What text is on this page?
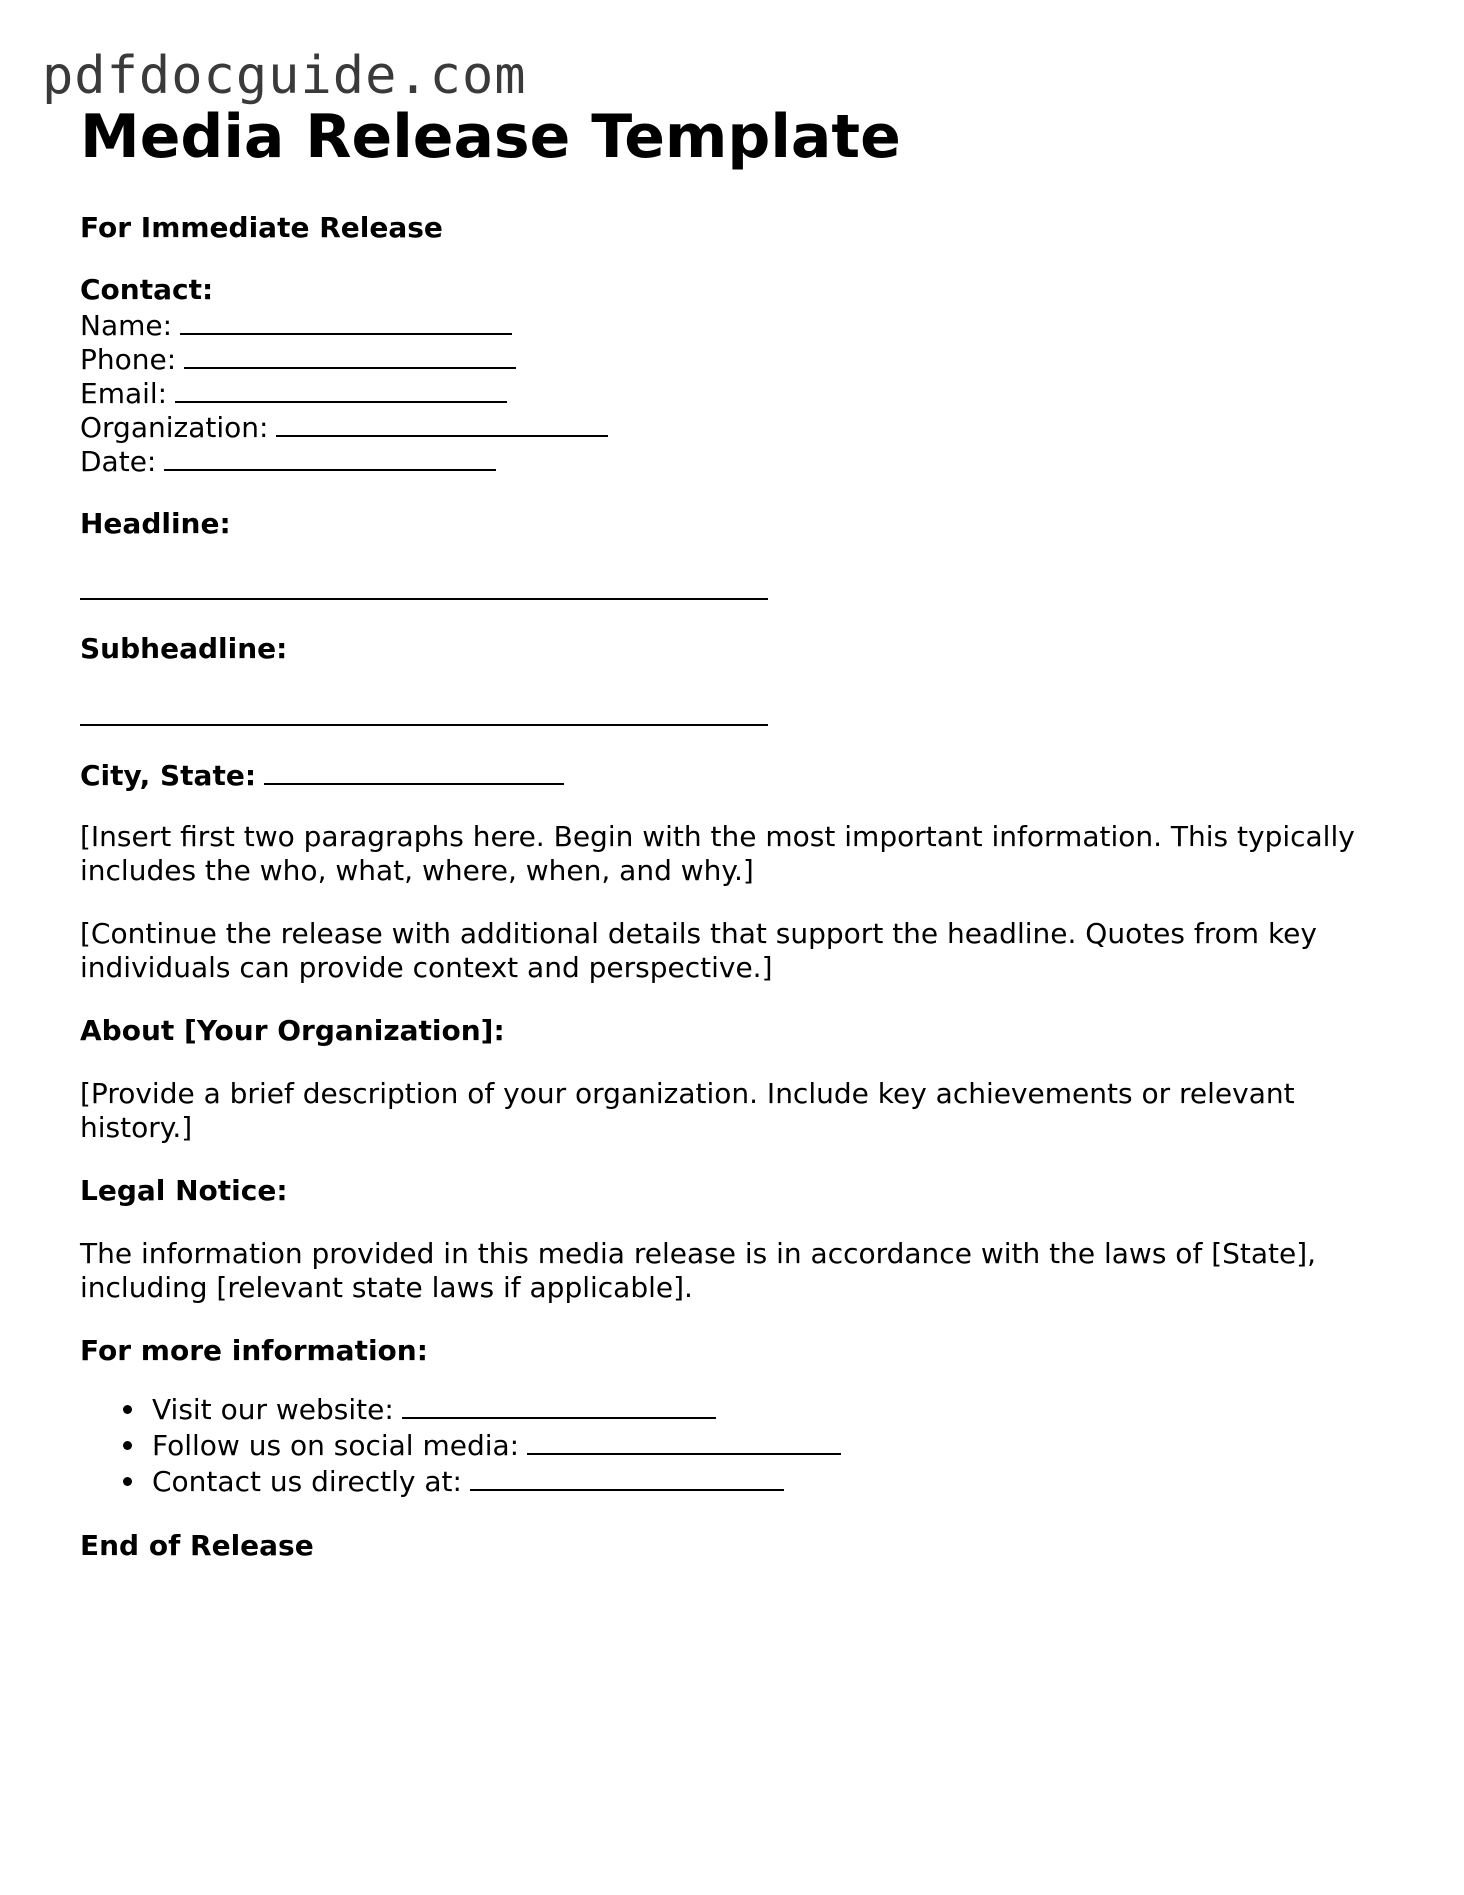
pdfdocguide.com
Media Release Template
For Immediate Release
Contact:
Name:
Phone:
Email:
Organization:
Date:
Headline:
Subheadline:
City, State:
[Insert first two paragraphs here. Begin with the most important information. This typically includes the who, what, where, when, and why.]
[Continue the release with additional details that support the headline. Quotes from key individuals can provide context and perspective.]
About [Your Organization]:
[Provide a brief description of your organization. Include key achievements or relevant history.]
Legal Notice:
The information provided in this media release is in accordance with the laws of [State], including [relevant state laws if applicable].
For more information:
Visit our website:
Follow us on social media:
Contact us directly at:
End of Release
